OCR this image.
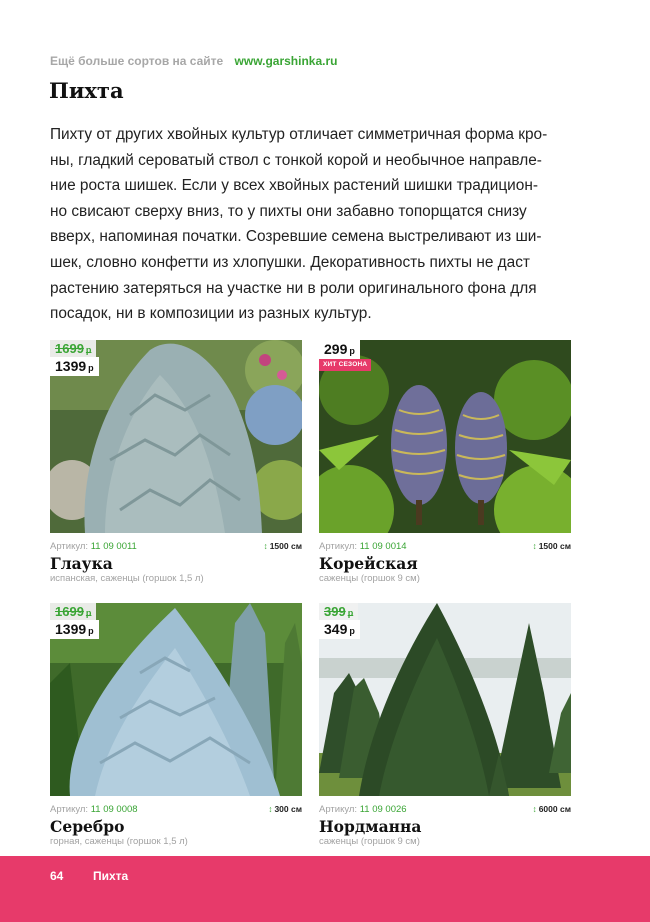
Ещё больше сортов на сайте www.garshinka.ru
Пихта
Пихту от других хвойных культур отличает симметричная форма кро-
ны, гладкий сероватый ствол с тонкой корой и необычное направле-
ние роста шишек. Если у всех хвойных растений шишки традицион-
но свисают сверху вниз, то у пихты они забавно топорщатся снизу
вверх, напоминая початки. Созревшие семена выстреливают из ши-
шек, словно конфетти из хлопушки. Декоративность пихты не даст
растению затеряться на участке ни в роли оригинального фона для
посадок, ни в композиции из разных культур.
1699 р
1399 р
Артикул: 11 09 0011	↕ 1500 см
Глаука
испанская, саженцы (горшок 1,5 л)
299 р
ХИТ СЕЗОНА
Артикул: 11 09 0014	↕ 1500 см
Корейская
саженцы (горшок 9 см)
1699 р
1399 р
Артикул: 11 09 0008	↕ 300 см
Серебро
горная, саженцы (горшок 1,5 л)
399 р
349 р
Артикул: 11 09 0026	↕ 6000 см
Нордманна
саженцы (горшок 9 см)
64 Пихта
